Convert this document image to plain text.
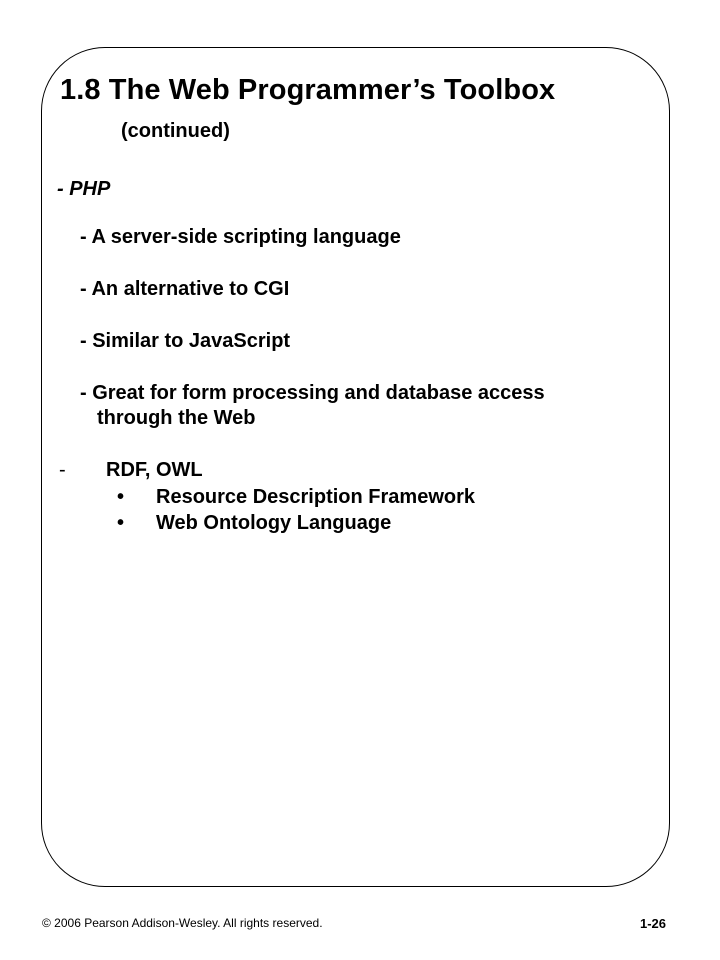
1.8 The Web Programmer’s Toolbox
(continued)
- PHP
- A server-side scripting language
- An alternative to CGI
- Similar to JavaScript
- Great for form processing and database access
through the Web
- RDF, OWL
• Resource Description Framework
• Web Ontology Language
© 2006 Pearson Addison-Wesley. All rights reserved.	1-26
